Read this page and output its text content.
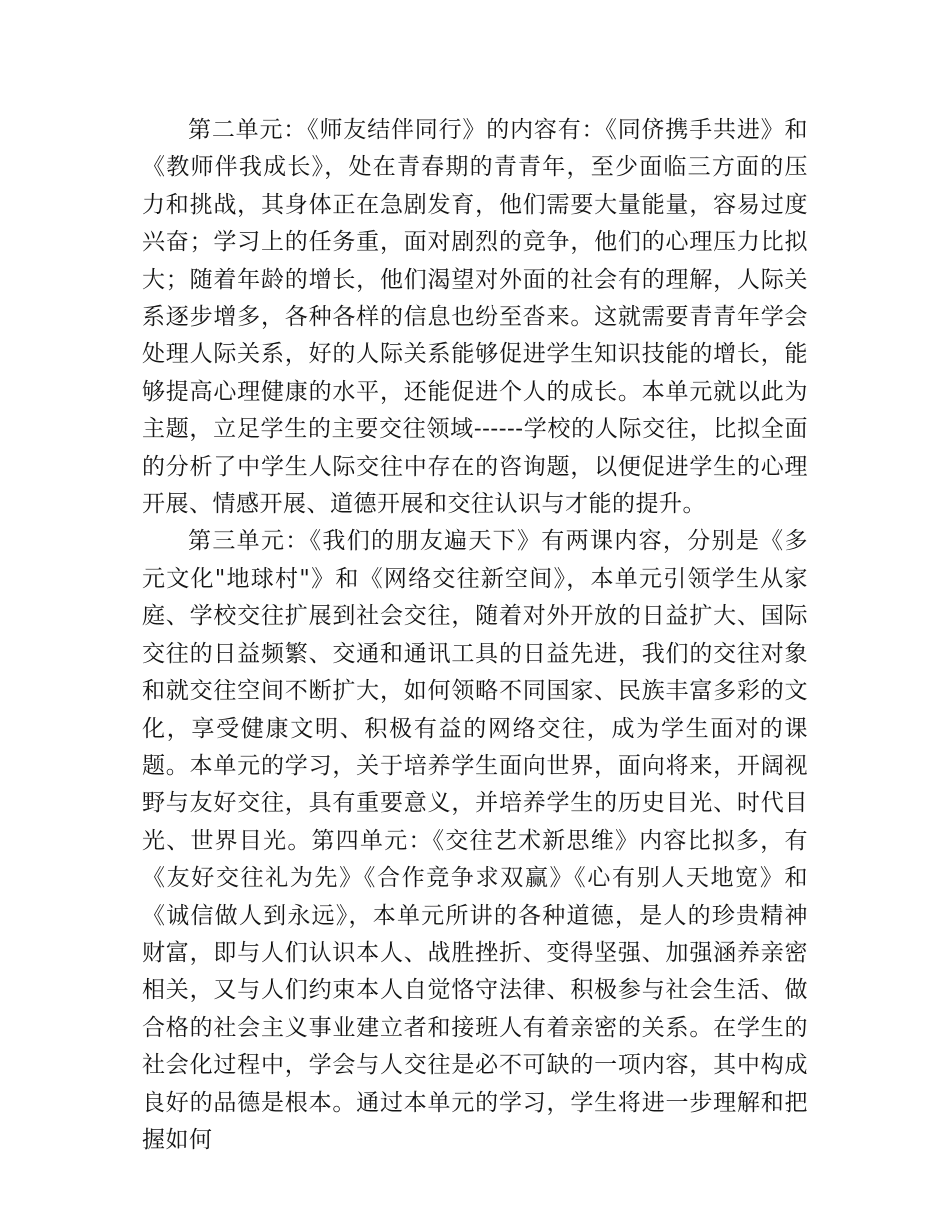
第二单元：《师友结伴同行》的内容有：《同侪携手共进》和《教师伴我成长》，处在青春期的青青年，至少面临三方面的压力和挑战，其身体正在急剧发育，他们需要大量能量，容易过度兴奋；学习上的任务重，面对剧烈的竞争，他们的心理压力比拟大；随着年龄的增长，他们渴望对外面的社会有的理解，人际关系逐步增多，各种各样的信息也纷至沓来。这就需要青青年学会处理人际关系，好的人际关系能够促进学生知识技能的增长，能够提高心理健康的水平，还能促进个人的成长。本单元就以此为主题，立足学生的主要交往领域------学校的人际交往，比拟全面的分析了中学生人际交往中存在的咨询题，以便促进学生的心理开展、情感开展、道德开展和交往认识与才能的提升。

第三单元：《我们的朋友遍天下》有两课内容，分别是《多元文化"地球村"》和《网络交往新空间》，本单元引领学生从家庭、学校交往扩展到社会交往，随着对外开放的日益扩大、国际交往的日益频繁、交通和通讯工具的日益先进，我们的交往对象和就交往空间不断扩大，如何领略不同国家、民族丰富多彩的文化，享受健康文明、积极有益的网络交往，成为学生面对的课题。本单元的学习，关于培养学生面向世界，面向将来，开阔视野与友好交往，具有重要意义，并培养学生的历史目光、时代目光、世界目光。第四单元：《交往艺术新思维》内容比拟多，有《友好交往礼为先》《合作竞争求双赢》《心有别人天地宽》和《诚信做人到永远》，本单元所讲的各种道德，是人的珍贵精神财富，即与人们认识本人、战胜挫折、变得坚强、加强涵养亲密相关，又与人们约束本人自觉恪守法律、积极参与社会生活、做合格的社会主义事业建立者和接班人有着亲密的关系。在学生的社会化过程中，学会与人交往是必不可缺的一项内容，其中构成良好的品德是根本。通过本单元的学习，学生将进一步理解和把握如何
